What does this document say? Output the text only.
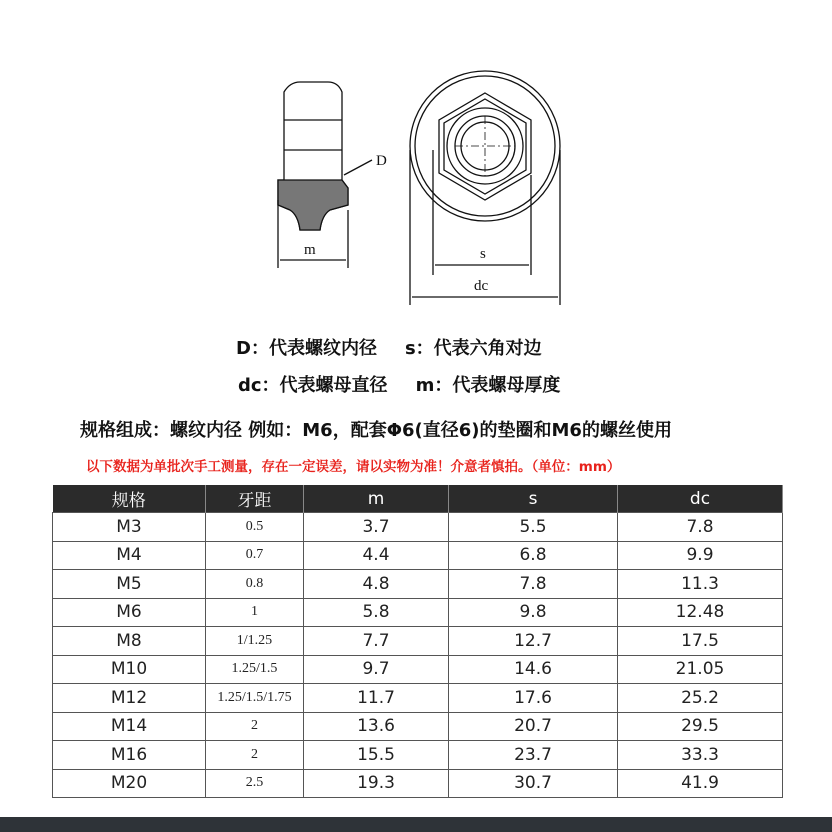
D
m	s
dc
D：代表螺纹内径 s：代表六角对边
dc：代表螺母直径 m：代表螺母厚度
规格组成：螺纹内径 例如：M6，配套Φ6(直径6)的垫圈和M6的螺丝使用
以下数据为单批次手工测量，存在一定误差，请以实物为准！介意者慎拍。（单位：mm）
规格	牙距	m	s	dc
M3	0.5	3.7	5.5	7.8
M4	0.7	4.4	6.8	9.9
M5	0.8	4.8	7.8	11.3
M6	1	5.8	9.8	12.48
M8	1/1.25	7.7	12.7	17.5
M10	1.25/1.5	9.7	14.6	21.05
M12	1.25/1.5/1.75	11.7	17.6	25.2
M14	2	13.6	20.7	29.5
M16	2	15.5	23.7	33.3
M20	2.5	19.3	30.7	41.9
